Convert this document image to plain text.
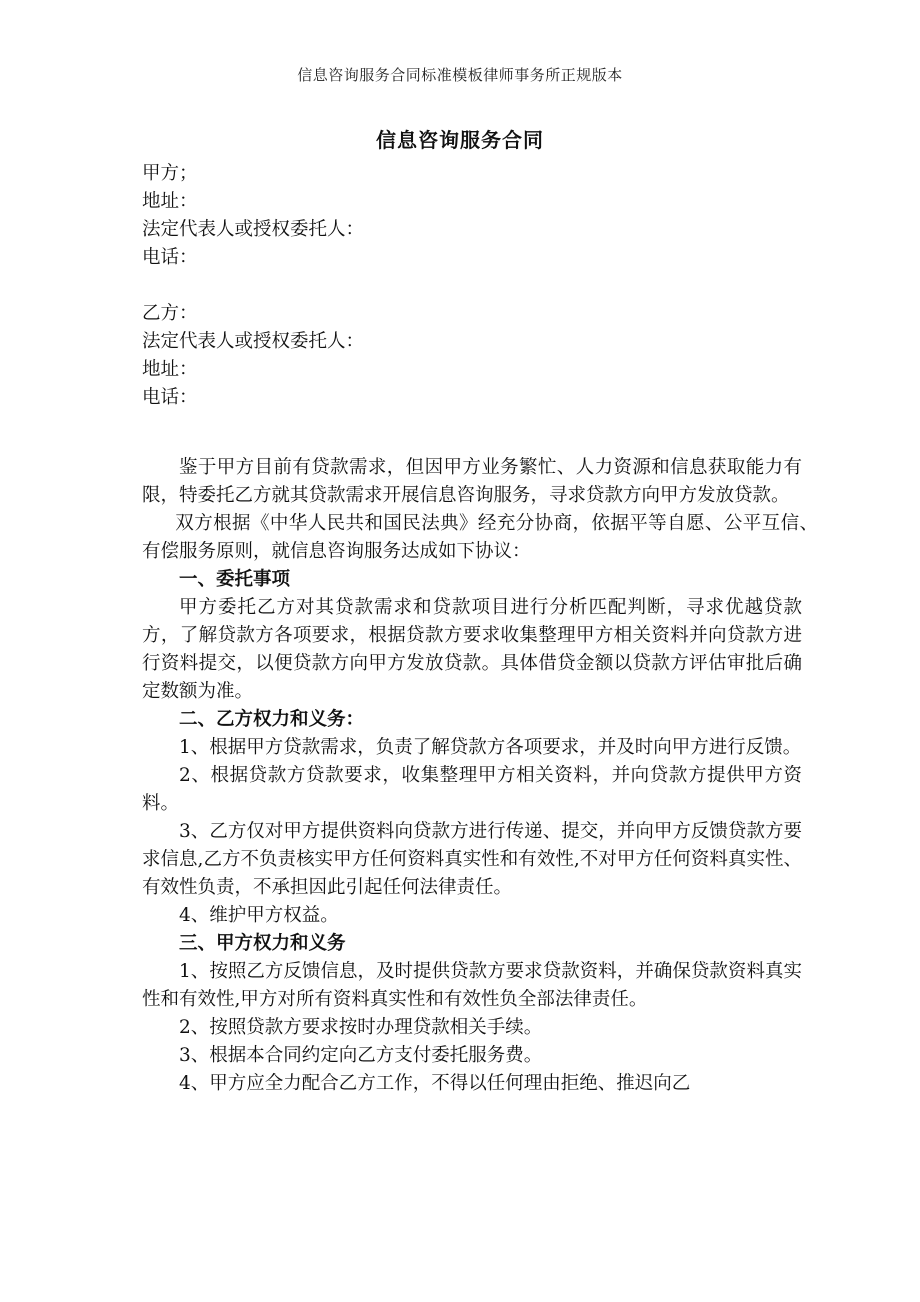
信息咨询服务合同标准模板律师事务所正规版本
信息咨询服务合同
甲方；
地址：
法定代表人或授权委托人：
电话：
乙方：
法定代表人或授权委托人：
地址：
电话：

鉴于甲方目前有贷款需求，但因甲方业务繁忙、人力资源和信息获取能力有限，特委托乙方就其贷款需求开展信息咨询服务，寻求贷款方向甲方发放贷款。

双方根据《中华人民共和国民法典》经充分协商，依据平等自愿、公平互信、有偿服务原则，就信息咨询服务达成如下协议：

一、委托事项

甲方委托乙方对其贷款需求和贷款项目进行分析匹配判断，寻求优越贷款方，了解贷款方各项要求，根据贷款方要求收集整理甲方相关资料并向贷款方进行资料提交，以便贷款方向甲方发放贷款。具体借贷金额以贷款方评估审批后确定数额为准。

二、乙方权力和义务：

1、根据甲方贷款需求，负责了解贷款方各项要求，并及时向甲方进行反馈。

2、根据贷款方贷款要求，收集整理甲方相关资料，并向贷款方提供甲方资料。

3、乙方仅对甲方提供资料向贷款方进行传递、提交，并向甲方反馈贷款方要求信息,乙方不负责核实甲方任何资料真实性和有效性,不对甲方任何资料真实性、有效性负责，不承担因此引起任何法律责任。

4、维护甲方权益。

三、甲方权力和义务

1、按照乙方反馈信息，及时提供贷款方要求贷款资料，并确保贷款资料真实性和有效性,甲方对所有资料真实性和有效性负全部法律责任。

2、按照贷款方要求按时办理贷款相关手续。

3、根据本合同约定向乙方支付委托服务费。

4、甲方应全力配合乙方工作，不得以任何理由拒绝、推迟向乙
